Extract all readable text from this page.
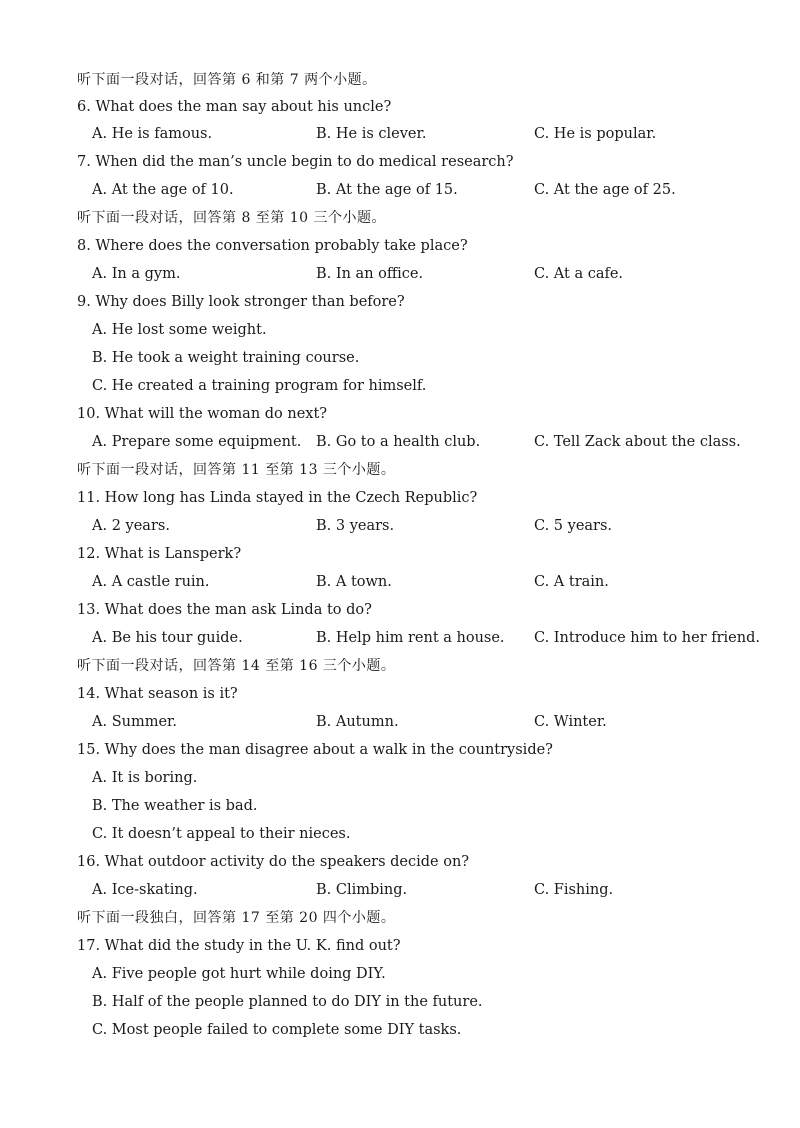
听下面一段对话，回答第 6 和第 7 两个小题。
6. What does the man say about his uncle?
A. He is famous.	B. He is clever.	C. He is popular.
7. When did the man’s uncle begin to do medical research?
A. At the age of 10.	B. At the age of 15.	C. At the age of 25.
听下面一段对话，回答第 8 至第 10 三个小题。
8. Where does the conversation probably take place?
A. In a gym.	B. In an office.	C. At a cafe.
9. Why does Billy look stronger than before?
A. He lost some weight.
B. He took a weight training course.
C. He created a training program for himself.
10. What will the woman do next?
A. Prepare some equipment. B. Go to a health club.	C. Tell Zack about the class.
听下面一段对话，回答第 11 至第 13 三个小题。
11. How long has Linda stayed in the Czech Republic?
A. 2 years.	B. 3 years.	C. 5 years.
12. What is Lansperk?
A. A castle ruin.	B. A town.	C. A train.
13. What does the man ask Linda to do?
A. Be his tour guide.	B. Help him rent a house. C. Introduce him to her friend.
听下面一段对话，回答第 14 至第 16 三个小题。
14. What season is it?
A. Summer.	B. Autumn.	C. Winter.
15. Why does the man disagree about a walk in the countryside?
A. It is boring.
B. The weather is bad.
C. It doesn’t appeal to their nieces.
16. What outdoor activity do the speakers decide on?
A. Ice-skating.	B. Climbing.	C. Fishing.
听下面一段独白，回答第 17 至第 20 四个小题。
17. What did the study in the U. K. find out?
A. Five people got hurt while doing DIY.
B. Half of the people planned to do DIY in the future.
C. Most people failed to complete some DIY tasks.
